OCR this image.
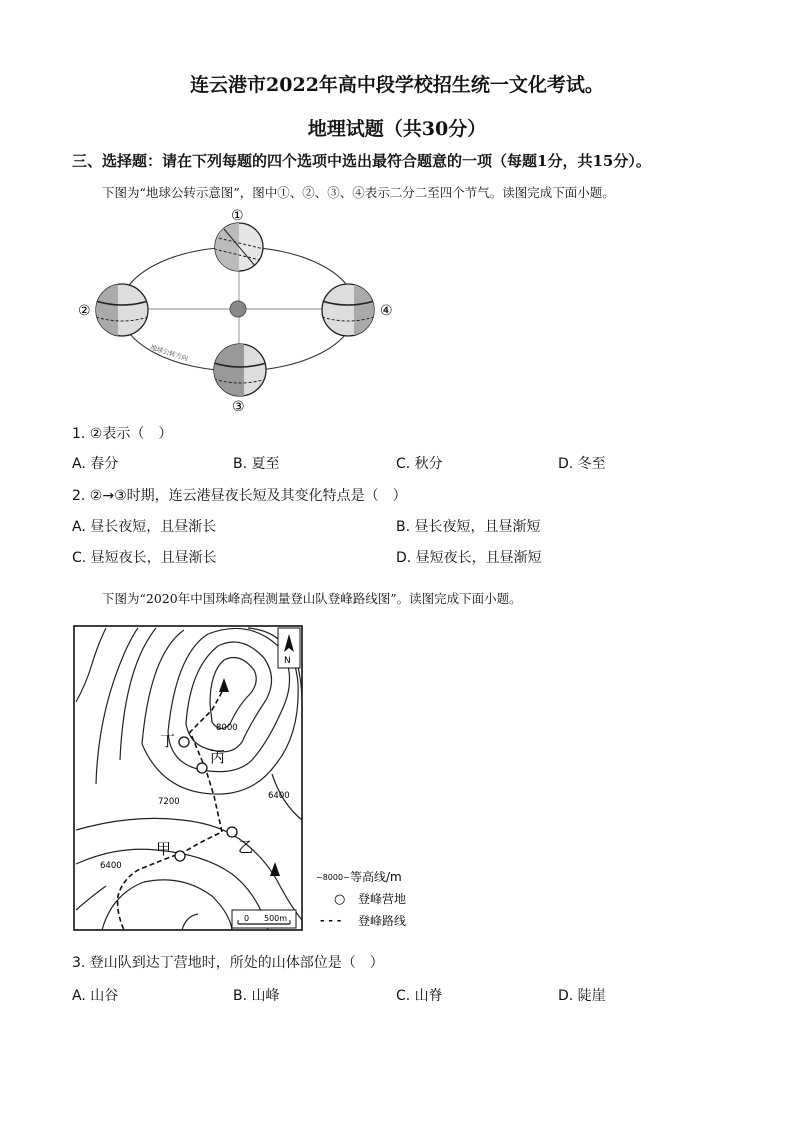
连云港市2022年高中段学校招生统一文化考试。
地理试题（共30分）
三、选择题：请在下列每题的四个选项中选出最符合题意的一项（每题1分，共15分）。
下图为“地球公转示意图”，图中①、②、③、④表示二分二至四个节气。读图完成下面小题。
①
②
③
④
地球公转方向
1. ②表示（　）
A. 春分	B. 夏至	C. 秋分	D. 冬至
2. ②→③时期，连云港昼夜长短及其变化特点是（　）
A. 昼长夜短，且昼渐长	B. 昼长夜短，且昼渐短
C. 昼短夜长，且昼渐长	D. 昼短夜长，且昼渐短
下图为“2020年中国珠峰高程测量登山队登峰路线图”。读图完成下面小题。
丁
丙
乙
甲
8000
7200
6400
6400
N
0 500m
−8000− 等高线/m
○ 登峰营地
- - - 登峰路线
3. 登山队到达丁营地时，所处的山体部位是（　）
A. 山谷	B. 山峰	C. 山脊	D. 陡崖
